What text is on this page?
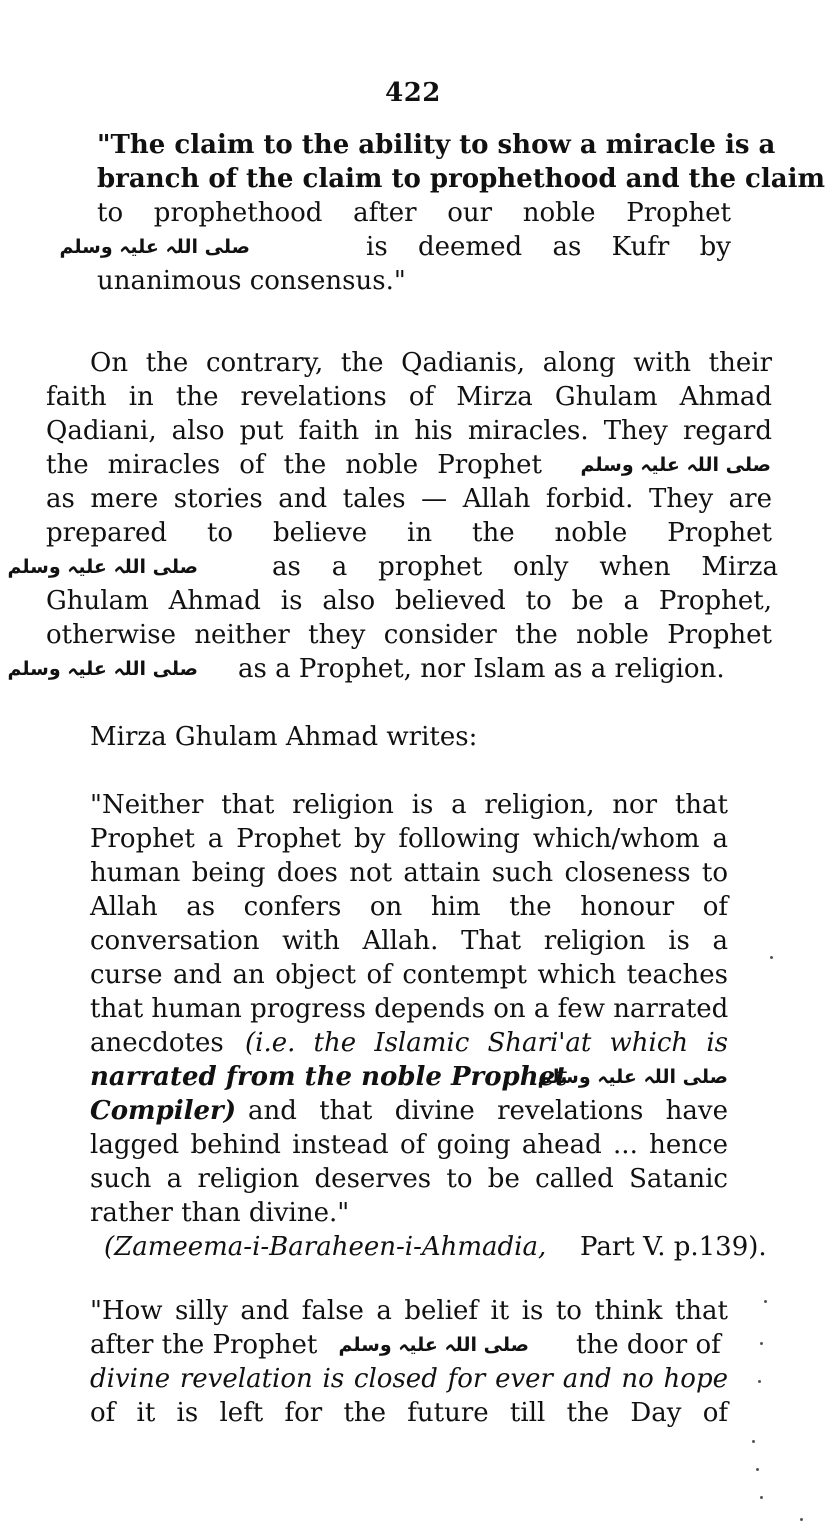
422
"The claim to the ability to show a miracle is a
branch of the claim to prophethood and the claim
to prophethood after our noble Prophet
صلی اللہ علیہ وسلم	is deemed as Kufr by
unanimous consensus."
On the contrary, the Qadianis, along with their
faith in the revelations of Mirza Ghulam Ahmad
Qadiani, also put faith in his miracles. They regard
the miracles of the noble Prophet صلی اللہ علیہ وسلم
as mere stories and tales — Allah forbid. They are
prepared to believe in the noble Prophet
صلی اللہ علیہ وسلم	as a prophet only when Mirza
Ghulam Ahmad is also believed to be a Prophet,
otherwise neither they consider the noble Prophet
صلی اللہ علیہ وسلم as a Prophet, nor Islam as a religion.
Mirza Ghulam Ahmad writes:
"Neither that religion is a religion, nor that
Prophet a Prophet by following which/whom a
human being does not attain such closeness to
Allah as confers on him the honour of
conversation with Allah. That religion is a
curse and an object of contempt which teaches
that human progress depends on a few narrated
anecdotes (i.e. the Islamic Shari'at which is
narrated from the noble Prophet
صلی اللہ علیہ وسلم
Compiler) and that divine revelations have
lagged behind instead of going ahead ... hence
such a religion deserves to be called Satanic
rather than divine."
(Zameema-i-Baraheen-i-Ahmadia,	Part V. p.139).
"How silly and false a belief it is to think that
after the Prophet	صلی اللہ علیہ وسلم the door of
divine revelation is closed for ever and no hope
of it is left for the future till the Day of
